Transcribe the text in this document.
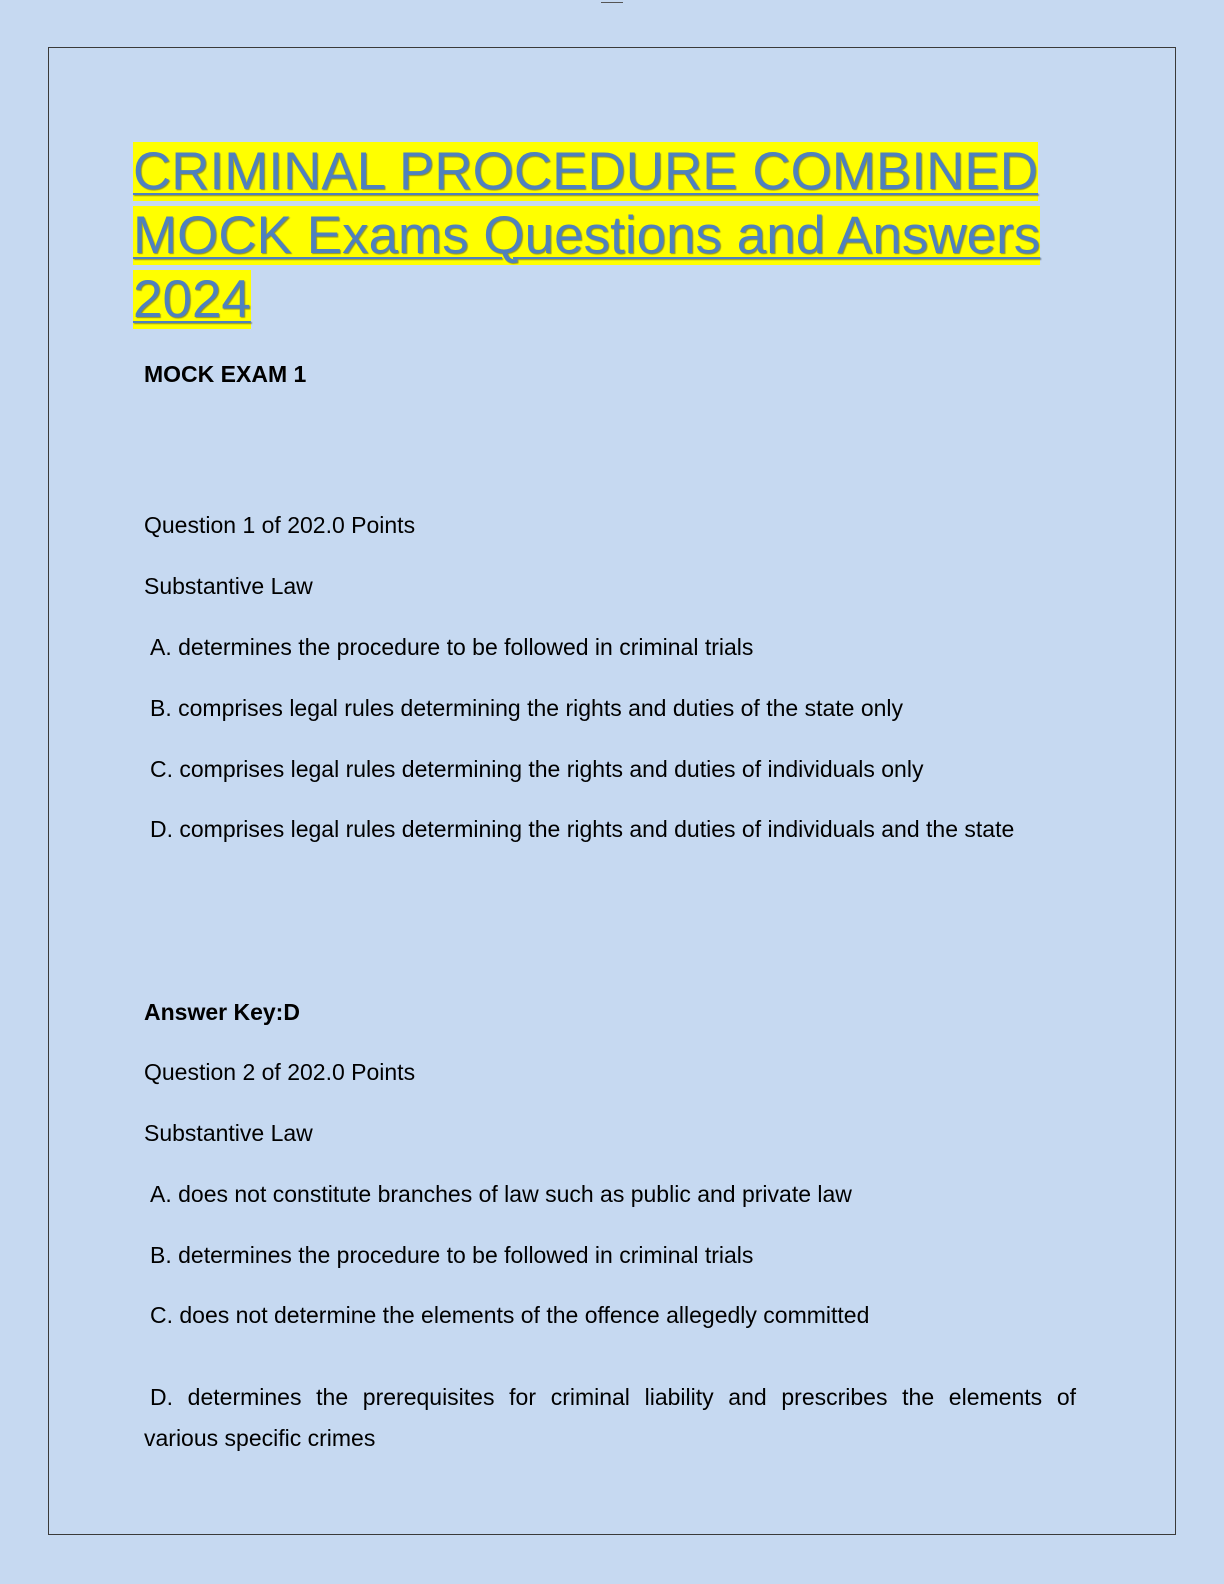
CRIMINAL PROCEDURE COMBINED
MOCK Exams Questions and Answers
2024
MOCK EXAM 1
Question 1 of 202.0 Points
Substantive Law
A. determines the procedure to be followed in criminal trials
B. comprises legal rules determining the rights and duties of the state only
C. comprises legal rules determining the rights and duties of individuals only
D. comprises legal rules determining the rights and duties of individuals and the state
Answer Key:D
Question 2 of 202.0 Points
Substantive Law
A. does not constitute branches of law such as public and private law
B. determines the procedure to be followed in criminal trials
C. does not determine the elements of the offence allegedly committed
D. determines the prerequisites for criminal liability and prescribes the elements of
various specific crimes
